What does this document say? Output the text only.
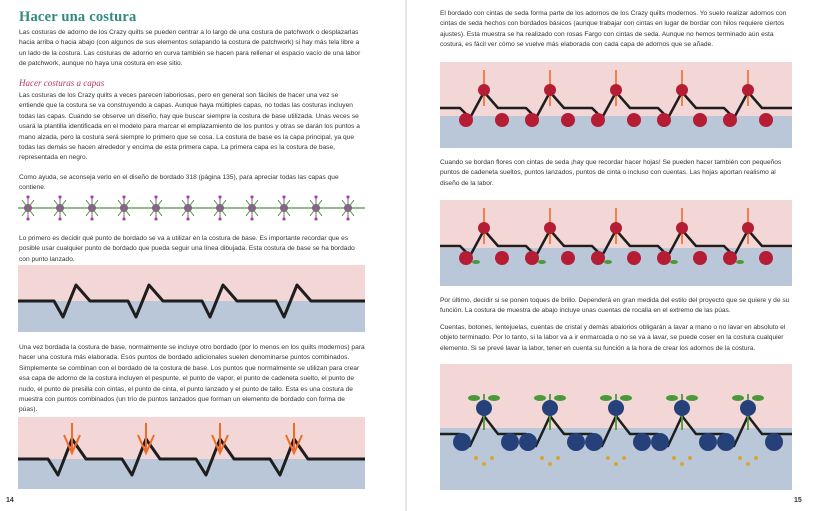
Hacer una costura

Las costuras de adorno de los Crazy quilts se pueden centrar a lo largo de una costura de patchwork o desplazarlas hacia arriba o hacia abajo (con algunos de sus elementos solapando la costura de patchwork) si hay más tela libre a un lado de la costura. Las costuras de adorno en curva también se hacen para rellenar el espacio vacío de una labor de patchwork, aunque no haya una costura en ese sitio.

Hacer costuras a capas

Las costuras de los Crazy quilts a veces parecen laboriosas, pero en general son fáciles de hacer una vez se entiende que la costura se va construyendo a capas. Aunque haya múltiples capas, no todas las costuras incluyen todas las capas. Cuando se observe un diseño, hay que buscar siempre la costura de base utilizada. Unas veces se usará la plantilla identificada en el modelo para marcar el emplazamiento de los puntos y otras se darán los puntos a mano alzada, pero la costura será siempre lo primero que se cosa. La costura de base es la capa principal, ya que todas las demás se hacen alrededor y encima de esta primera capa. La primera capa es la costura de base, representada en negro.

Como ayuda, se aconseja verlo en el diseño de bordado 318 (página 135), para apreciar todas las capas que contiene.

Lo primero es decidir qué punto de bordado se va a utilizar en la costura de base. Es importante recordar que es posible usar cualquier punto de bordado que pueda seguir una línea dibujada. Esta costura de base se ha bordado con punto lanzado.

Una vez bordada la costura de base, normalmente se incluye otro bordado (por lo menos en los quilts modernos) para hacer una costura más elaborada. Esos puntos de bordado adicionales suelen denominarse puntos combinados. Simplemente se combinan con el bordado de la costura de base. Los puntos que normalmente se utilizan para crear esa capa de adorno de la costura incluyen el pespunte, el punto de vapor, el punto de cadeneta suelto, el punto de nudo, el punto de presilla con cintas, el punto de cinta, el punto lanzado y el punto de tallo. Esta es una costura de muestra con puntos combinados (un trío de puntos lanzados que forman un elemento de bordado con forma de púas).

14

El bordado con cintas de seda forma parte de los adornos de los Crazy quilts modernos. Yo suelo realizar adornos con cintas de seda hechos con bordados básicos (aunque trabajar con cintas en lugar de bordar con hilos requiere ciertos ajustes). Esta muestra se ha realizado con rosas Fargo con cintas de seda. Aunque no hemos terminado aún esta costura, es fácil ver cómo se vuelve más elaborada con cada capa de adornos que se añade.

Cuando se bordan flores con cintas de seda ¡hay que recordar hacer hojas! Se pueden hacer también con pequeños puntos de cadeneta sueltos, puntos lanzados, puntos de cinta o incluso con cuentas. Las hojas aportan realismo al diseño de la labor.

Por último, decidir si se ponen toques de brillo. Dependerá en gran medida del estilo del proyecto que se quiere y de su función. La costura de muestra de abajo incluye unas cuentas de rocalla en el extremo de las púas.

Cuentas, botones, lentejuelas, cuentas de cristal y demás abalorios obligarán a lavar a mano o no lavar en absoluto el objeto terminado. Por lo tanto, si la labor va a ir enmarcada o no se va a lavar, se puede coser en la costura cualquier elemento. Si se prevé lavar la labor, tener en cuenta su función a la hora de crear los adornos de la costura.

15
